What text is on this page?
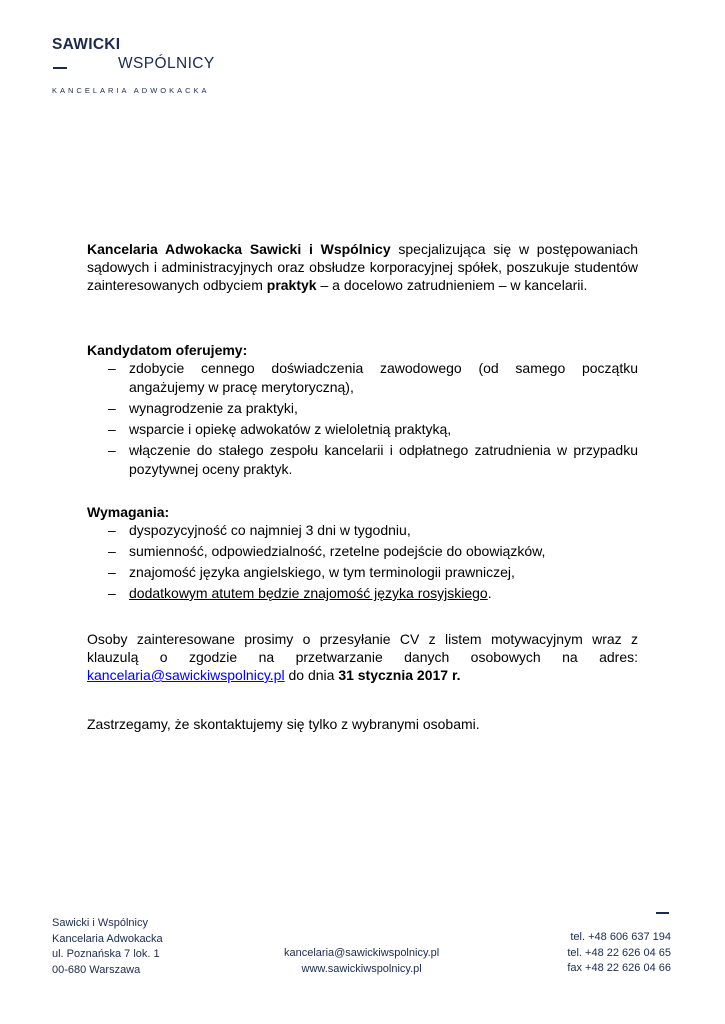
SAWICKI
WSPÓLNICY
KANCELARIA ADWOKACKA

Kancelaria Adwokacka Sawicki i Wspólnicy specjalizująca się w postępowaniach sądowych i administracyjnych oraz obsłudze korporacyjnej spółek, poszukuje studentów zainteresowanych odbyciem praktyk – a docelowo zatrudnieniem – w kancelarii.

Kandydatom oferujemy:
– zdobycie cennego doświadczenia zawodowego (od samego początku angażujemy w pracę merytoryczną),
– wynagrodzenie za praktyki,
– wsparcie i opiekę adwokatów z wieloletnią praktyką,
– włączenie do stałego zespołu kancelarii i odpłatnego zatrudnienia w przypadku pozytywnej oceny praktyk.
Wymagania:
– dyspozycyjność co najmniej 3 dni w tygodniu,
– sumienność, odpowiedzialność, rzetelne podejście do obowiązków,
– znajomość języka angielskiego, w tym terminologii prawniczej,
– dodatkowym atutem będzie znajomość języka rosyjskiego.

Osoby zainteresowane prosimy o przesyłanie CV z listem motywacyjnym wraz z klauzulą o zgodzie na przetwarzanie danych osobowych na adres: kancelaria@sawickiwspolnicy.pl do dnia 31 stycznia 2017 r.

Zastrzegamy, że skontaktujemy się tylko z wybranymi osobami.

Sawicki i Wspólnicy
Kancelaria Adwokacka
ul. Poznańska 7 lok. 1
00-680 Warszawa
kancelaria@sawickiwspolnicy.pl
www.sawickiwspolnicy.pl
tel. +48 606 637 194
tel. +48 22 626 04 65
fax +48 22 626 04 66
